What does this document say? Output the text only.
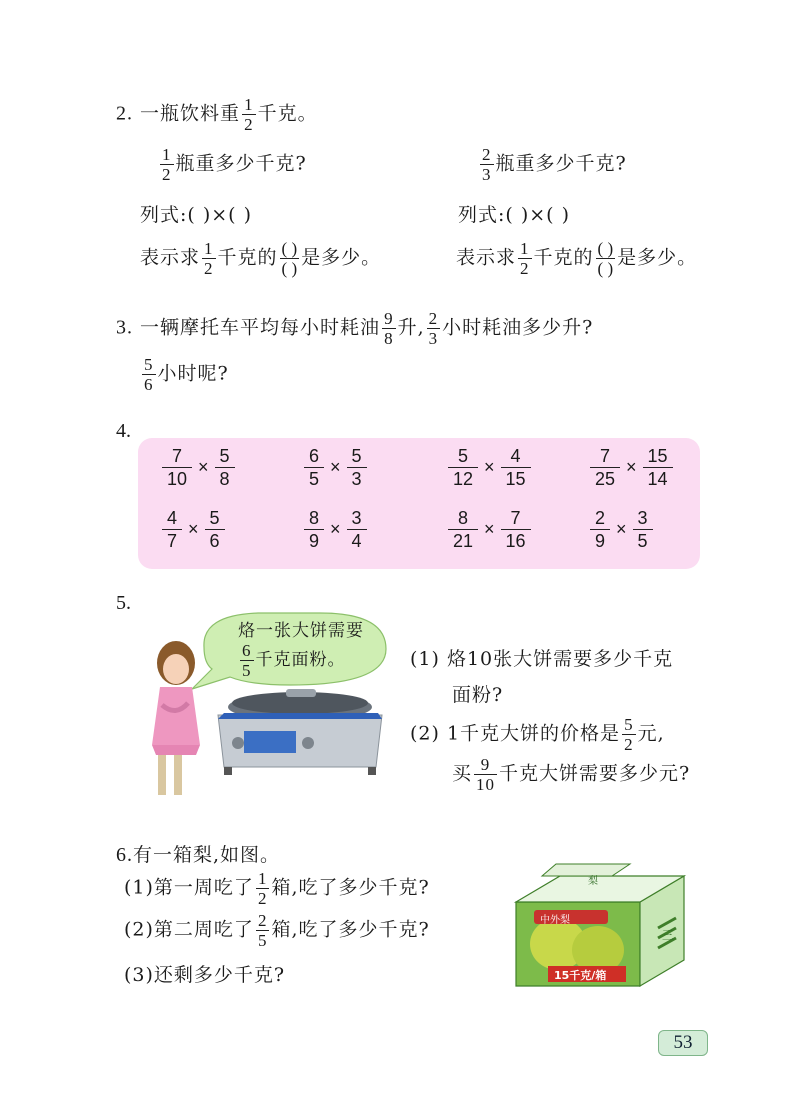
2. 一瓶饮料重 $\frac{1}{2}$ 千克。
$\frac{1}{2}$ 瓶重多少千克?	$\frac{2}{3}$ 瓶重多少千克?
列式:( )×( )	列式:( )×( )
表示求 $\frac{1}{2}$ 千克的 $\frac{( )}{( )}$ 是多少。	表示求 $\frac{1}{2}$ 千克的 $\frac{( )}{( )}$ 是多少。
3. 一辆摩托车平均每小时耗油 $\frac{9}{8}$ 升, $\frac{2}{3}$ 小时耗油多少升?
$\frac{5}{6}$ 小时呢?
4.
$\frac{7}{10} \times \frac{5}{8}$	$\frac{6}{5} \times \frac{5}{3}$	$\frac{5}{12} \times \frac{4}{15}$	$\frac{7}{25} \times \frac{15}{14}$
$\frac{4}{7} \times \frac{5}{6}$	$\frac{8}{9} \times \frac{3}{4}$	$\frac{8}{21} \times \frac{7}{16}$	$\frac{2}{9} \times \frac{3}{5}$
5.
烙一张大饼需要
$\frac{6}{5}$ 千克面粉。	(1) 烙10张大饼需要多少千克
面粉?
(2) 1千克大饼的价格是 $\frac{5}{2}$ 元,
买 $\frac{9}{10}$ 千克大饼需要多少元?
6.有一箱梨,如图。
(1)第一周吃了 $\frac{1}{2}$ 箱,吃了多少千克?
(2)第二周吃了 $\frac{2}{5}$ 箱,吃了多少千克?
(3)还剩多少千克?	15千克/箱
中外梨
梨
三
53
